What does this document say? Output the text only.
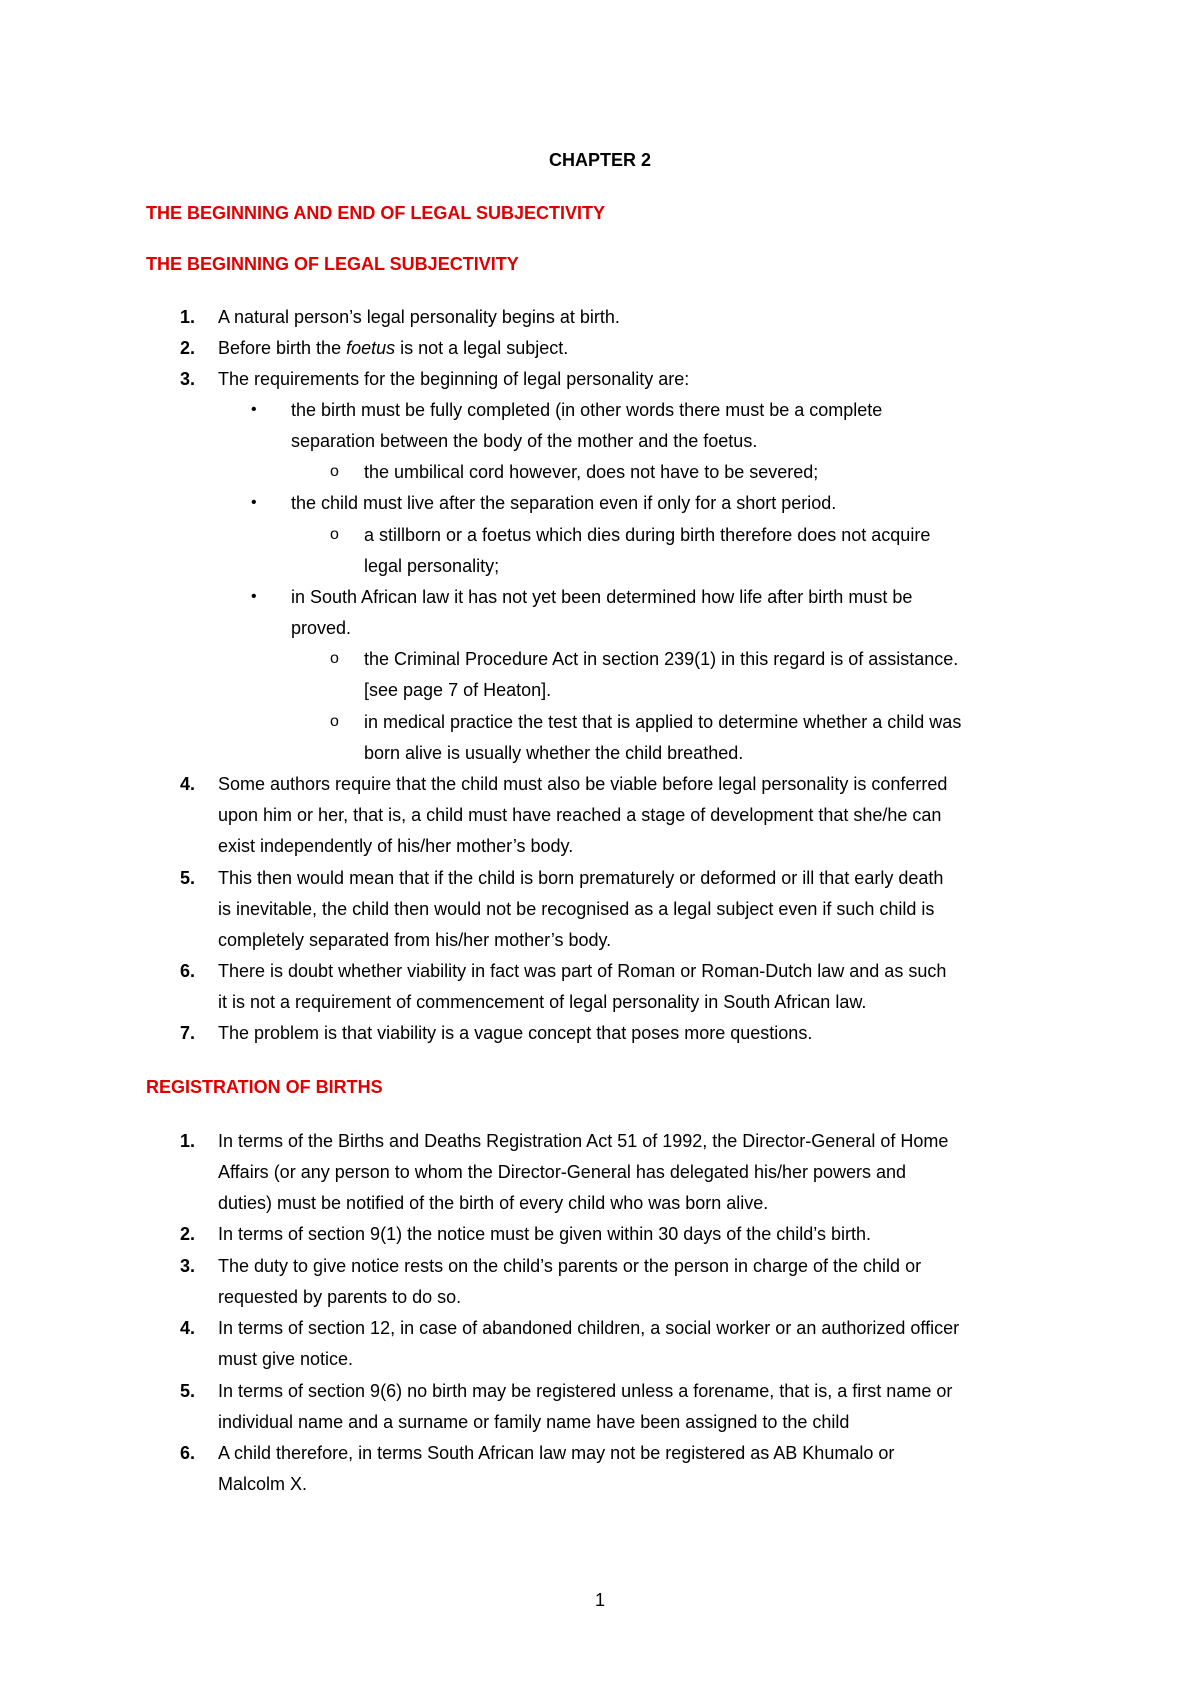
CHAPTER 2
THE BEGINNING AND END OF LEGAL SUBJECTIVITY
THE BEGINNING OF LEGAL SUBJECTIVITY
1. A natural person’s legal personality begins at birth.
2. Before birth the foetus is not a legal subject.
3. The requirements for the beginning of legal personality are:
• the birth must be fully completed (in other words there must be a complete
separation between the body of the mother and the foetus.
o the umbilical cord however, does not have to be severed;
• the child must live after the separation even if only for a short period.
o a stillborn or a foetus which dies during birth therefore does not acquire
legal personality;
• in South African law it has not yet been determined how life after birth must be
proved.
o the Criminal Procedure Act in section 239(1) in this regard is of assistance.
[see page 7 of Heaton].
o in medical practice the test that is applied to determine whether a child was
born alive is usually whether the child breathed.
4. Some authors require that the child must also be viable before legal personality is conferred
upon him or her, that is, a child must have reached a stage of development that she/he can
exist independently of his/her mother’s body.
5. This then would mean that if the child is born prematurely or deformed or ill that early death
is inevitable, the child then would not be recognised as a legal subject even if such child is
completely separated from his/her mother’s body.
6. There is doubt whether viability in fact was part of Roman or Roman-Dutch law and as such
it is not a requirement of commencement of legal personality in South African law.
7. The problem is that viability is a vague concept that poses more questions.
REGISTRATION OF BIRTHS
1. In terms of the Births and Deaths Registration Act 51 of 1992, the Director-General of Home
Affairs (or any person to whom the Director-General has delegated his/her powers and
duties) must be notified of the birth of every child who was born alive.
2. In terms of section 9(1) the notice must be given within 30 days of the child’s birth.
3. The duty to give notice rests on the child’s parents or the person in charge of the child or
requested by parents to do so.
4. In terms of section 12, in case of abandoned children, a social worker or an authorized officer
must give notice.
5. In terms of section 9(6) no birth may be registered unless a forename, that is, a first name or
individual name and a surname or family name have been assigned to the child
6. A child therefore, in terms South African law may not be registered as AB Khumalo or
Malcolm X.
1
